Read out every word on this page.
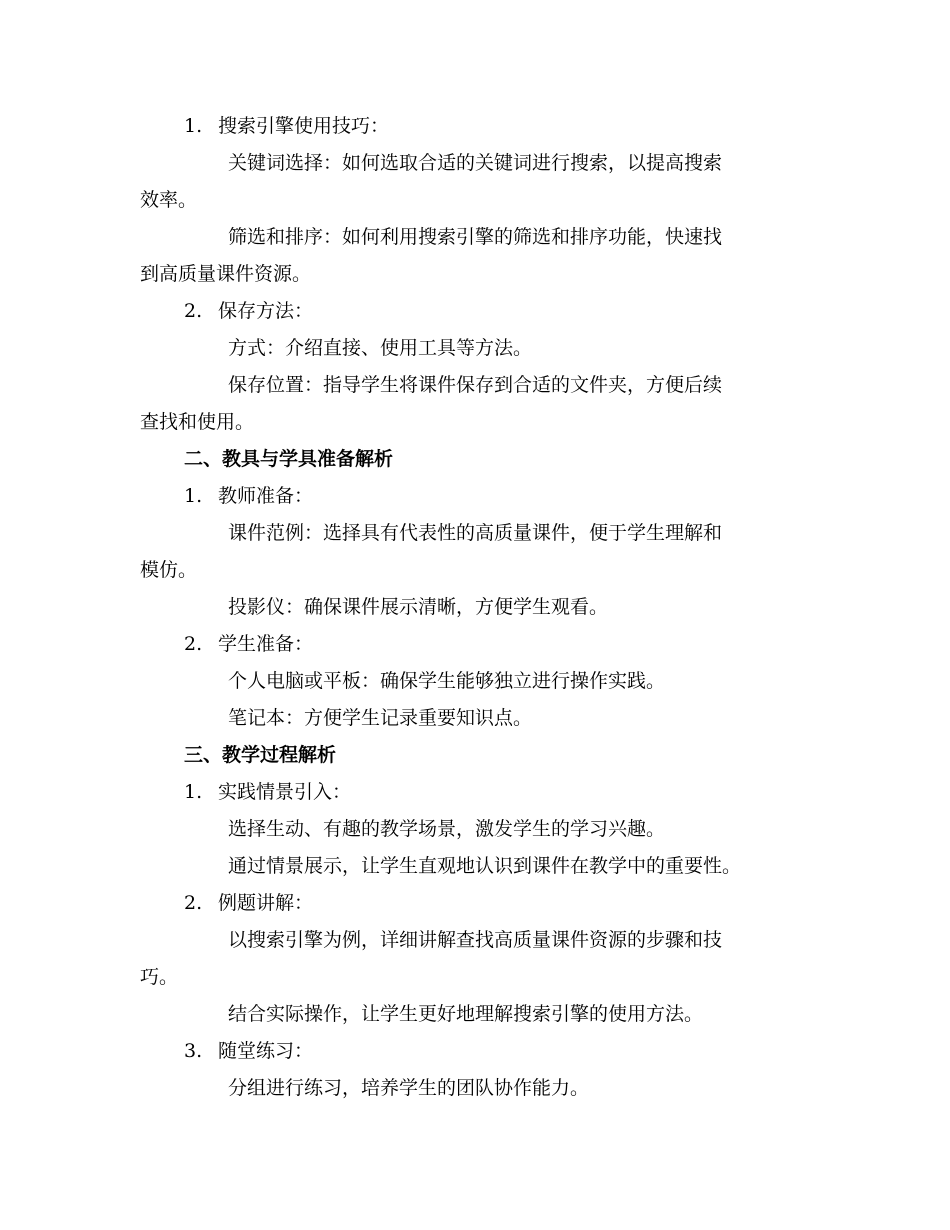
1. 搜索引擎使用技巧：
关键词选择：如何选取合适的关键词进行搜索，以提高搜索
效率。
筛选和排序：如何利用搜索引擎的筛选和排序功能，快速找
到高质量课件资源。
2. 保存方法：
方式：介绍直接、使用工具等方法。
保存位置：指导学生将课件保存到合适的文件夹，方便后续
查找和使用。
二、教具与学具准备解析
1. 教师准备：
课件范例：选择具有代表性的高质量课件，便于学生理解和
模仿。
投影仪：确保课件展示清晰，方便学生观看。
2. 学生准备：
个人电脑或平板：确保学生能够独立进行操作实践。
笔记本：方便学生记录重要知识点。
三、教学过程解析
1. 实践情景引入：
选择生动、有趣的教学场景，激发学生的学习兴趣。
通过情景展示，让学生直观地认识到课件在教学中的重要性。
2. 例题讲解：
以搜索引擎为例，详细讲解查找高质量课件资源的步骤和技
巧。
结合实际操作，让学生更好地理解搜索引擎的使用方法。
3. 随堂练习：
分组进行练习，培养学生的团队协作能力。
